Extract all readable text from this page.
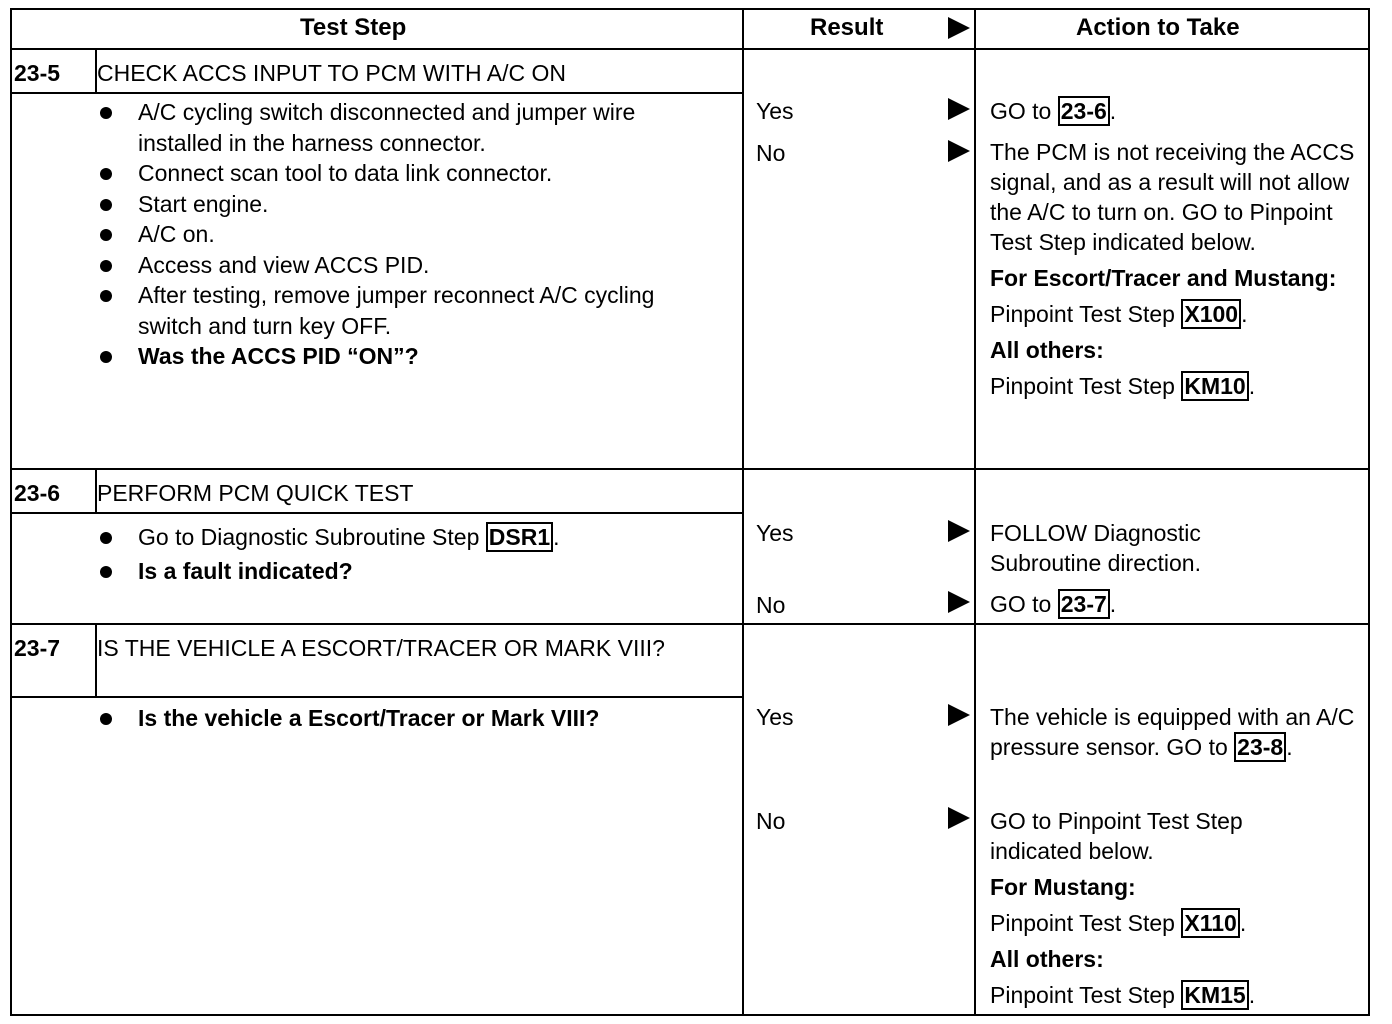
Test Step	Result	Action to Take
23-5 CHECK ACCS INPUT TO PCM WITH A/C ON
A/C cycling switch disconnected and jumper wire installed in the harness connector.
Connect scan tool to data link connector.
Start engine.
A/C on.
Access and view ACCS PID.
After testing, remove jumper reconnect A/C cycling switch and turn key OFF.
Was the ACCS PID “ON”?
Yes	GO to 23-6 .
No	The PCM is not receiving the ACCS signal, and as a result will not allow the A/C to turn on. GO to Pinpoint Test Step indicated below.
For Escort/Tracer and Mustang:
Pinpoint Test Step X100 .
All others:
Pinpoint Test Step KM10 .
23-6 PERFORM PCM QUICK TEST
Go to Diagnostic Subroutine Step DSR1 .
Is a fault indicated?
Yes	FOLLOW Diagnostic Subroutine direction.
No	GO to 23-7 .
23-7 IS THE VEHICLE A ESCORT/TRACER OR MARK VIII?
Is the vehicle a Escort/Tracer or Mark VIII?	Yes	The vehicle is equipped with an A/C pressure sensor. GO to 23-8 .
No	GO to Pinpoint Test Step indicated below.
For Mustang:
Pinpoint Test Step X110 .
All others:
Pinpoint Test Step KM15 .
